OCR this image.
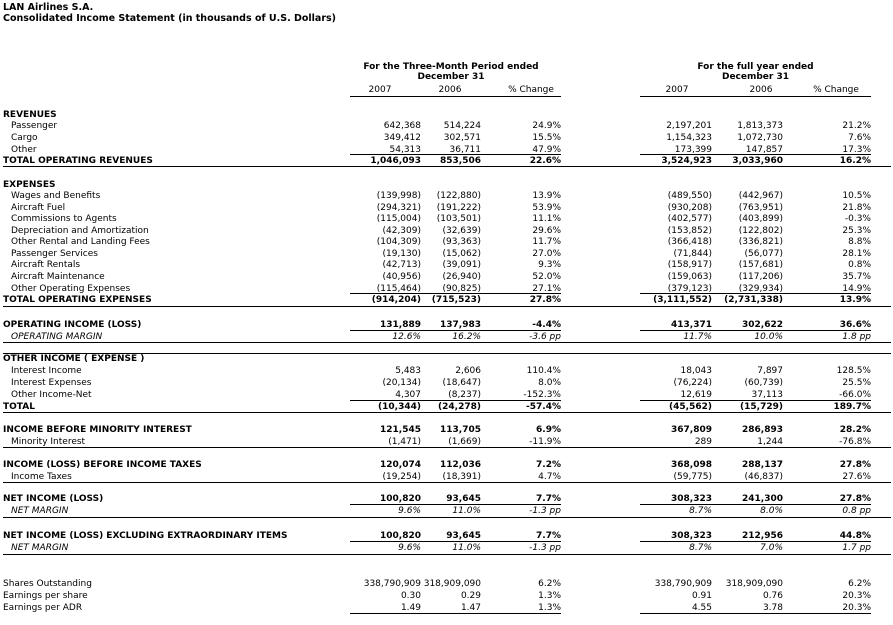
LAN Airlines S.A.
Consolidated Income Statement (in thousands of U.S. Dollars)
For the Three-Month Period ended
December 31
For the full year ended
December 31
2007	2006	% Change	2007	2006	% Change
REVENUES
Passenger	642,368	514,224	24.9%	2,197,201	1,813,373	21.2%
Cargo	349,412	302,571	15.5%	1,154,323	1,072,730	7.6%
Other	54,313	36,711	47.9%	173,399	147,857	17.3%
TOTAL OPERATING REVENUES	1,046,093	853,506	22.6%	3,524,923	3,033,960	16.2%
EXPENSES
Wages and Benefits	(139,998)	(122,880)	13.9%	(489,550)	(442,967)	10.5%
Aircraft Fuel	(294,321)	(191,222)	53.9%	(930,208)	(763,951)	21.8%
Commissions to Agents	(115,004)	(103,501)	11.1%	(402,577)	(403,899)	-0.3%
Depreciation and Amortization	(42,309)	(32,639)	29.6%	(153,852)	(122,802)	25.3%
Other Rental and Landing Fees	(104,309)	(93,363)	11.7%	(366,418)	(336,821)	8.8%
Passenger Services	(19,130)	(15,062)	27.0%	(71,844)	(56,077)	28.1%
Aircraft Rentals	(42,713)	(39,091)	9.3%	(158,917)	(157,681)	0.8%
Aircraft Maintenance	(40,956)	(26,940)	52.0%	(159,063)	(117,206)	35.7%
Other Operating Expenses	(115,464)	(90,825)	27.1%	(379,123)	(329,934)	14.9%
TOTAL OPERATING EXPENSES	(914,204)	(715,523)	27.8%	(3,111,552)	(2,731,338)	13.9%
OPERATING INCOME (LOSS)	131,889	137,983	-4.4%	413,371	302,622	36.6%
OPERATING MARGIN	12.6%	16.2%	-3.6 pp	11.7%	10.0%	1.8 pp
OTHER INCOME ( EXPENSE )
Interest Income	5,483	2,606	110.4%	18,043	7,897	128.5%
Interest Expenses	(20,134)	(18,647)	8.0%	(76,224)	(60,739)	25.5%
Other Income-Net	4,307	(8,237)	-152.3%	12,619	37,113	-66.0%
TOTAL	(10,344)	(24,278)	-57.4%	(45,562)	(15,729)	189.7%
INCOME BEFORE MINORITY INTEREST	121,545	113,705	6.9%	367,809	286,893	28.2%
Minority Interest	(1,471)	(1,669)	-11.9%	289	1,244	-76.8%
INCOME (LOSS) BEFORE INCOME TAXES	120,074	112,036	7.2%	368,098	288,137	27.8%
Income Taxes	(19,254)	(18,391)	4.7%	(59,775)	(46,837)	27.6%
NET INCOME (LOSS)	100,820	93,645	7.7%	308,323	241,300	27.8%
NET MARGIN	9.6%	11.0%	-1.3 pp	8.7%	8.0%	0.8 pp
NET INCOME (LOSS) EXCLUDING EXTRAORDINARY ITEMS	100,820	93,645	7.7%	308,323	212,956	44.8%
NET MARGIN	9.6%	11.0%	-1.3 pp	8.7%	7.0%	1.7 pp
Shares Outstanding	338,790,909 318,909,090	6.2%	338,790,909	318,909,090	6.2%
Earnings per share	0.30	0.29	1.3%	0.91	0.76	20.3%
Earnings per ADR	1.49	1.47	1.3%	4.55	3.78	20.3%
